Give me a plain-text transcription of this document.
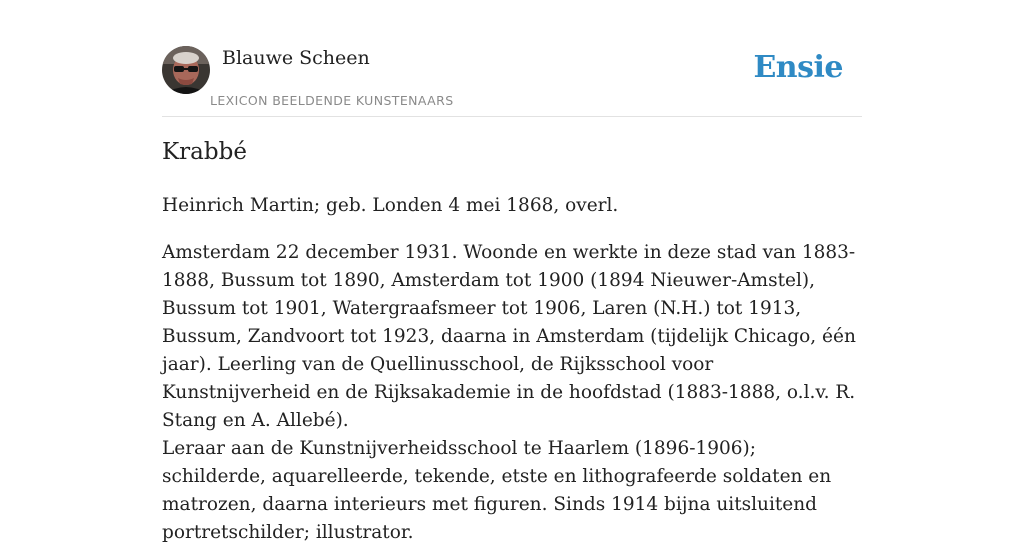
Blauwe Scheen
LEXICON BEELDENDE KUNSTENAARS
Ensie
Krabbé

Heinrich Martin; geb. Londen 4 mei 1868, overl.

Amsterdam 22 december 1931. Woonde en werkte in deze stad van 1883-1888, Bussum tot 1890, Amsterdam tot 1900 (1894 Nieuwer-Amstel), Bussum tot 1901, Watergraafsmeer tot 1906, Laren (N.H.) tot 1913, Bussum, Zandvoort tot 1923, daarna in Amsterdam (tijdelijk Chicago, één jaar). Leerling van de Quellinusschool, de Rijksschool voor Kunstnijverheid en de Rijksakademie in de hoofdstad (1883-1888, o.l.v. R. Stang en A. Allebé).

Leraar aan de Kunstnijverheidsschool te Haarlem (1896-1906); schilderde, aquarelleerde, tekende, etste en lithografeerde soldaten en matrozen, daarna interieurs met figuren. Sinds 1914 bijna uitsluitend portretschilder; illustrator.
